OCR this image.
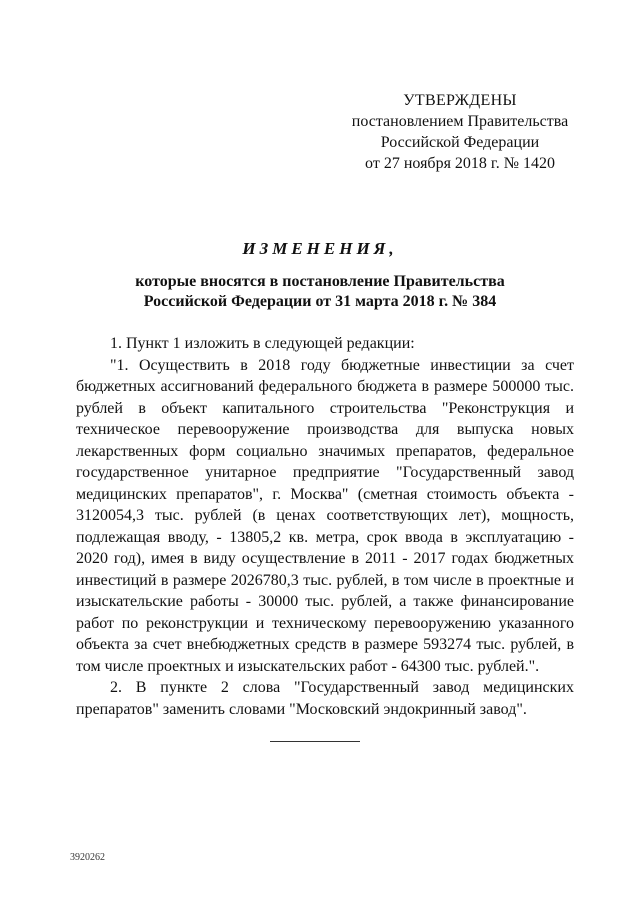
УТВЕРЖДЕНЫ
постановлением Правительства
Российской Федерации
от 27 ноября 2018 г. № 1420
ИЗМЕНЕНИЯ,
которые вносятся в постановление Правительства
Российской Федерации от 31 марта 2018 г. № 384

1. Пункт 1 изложить в следующей редакции:

"1. Осуществить в 2018 году бюджетные инвестиции за счет бюджетных ассигнований федерального бюджета в размере 500000 тыс. рублей в объект капитального строительства "Реконструкция и техническое перевооружение производства для выпуска новых лекарственных форм социально значимых препаратов, федеральное государственное унитарное предприятие "Государственный завод медицинских препаратов", г. Москва" (сметная стоимость объекта - 3120054,3 тыс. рублей (в ценах соответствующих лет), мощность, подлежащая вводу, - 13805,2 кв. метра, срок ввода в эксплуатацию - 2020 год), имея в виду осуществление в 2011 - 2017 годах бюджетных инвестиций в размере 2026780,3 тыс. рублей, в том числе в проектные и изыскательские работы - 30000 тыс. рублей, а также финансирование работ по реконструкции и техническому перевооружению указанного объекта за счет внебюджетных средств в размере 593274 тыс. рублей, в том числе проектных и изыскательских работ - 64300 тыс. рублей.".

2. В пункте 2 слова "Государственный завод медицинских препаратов" заменить словами "Московский эндокринный завод".

3920262
